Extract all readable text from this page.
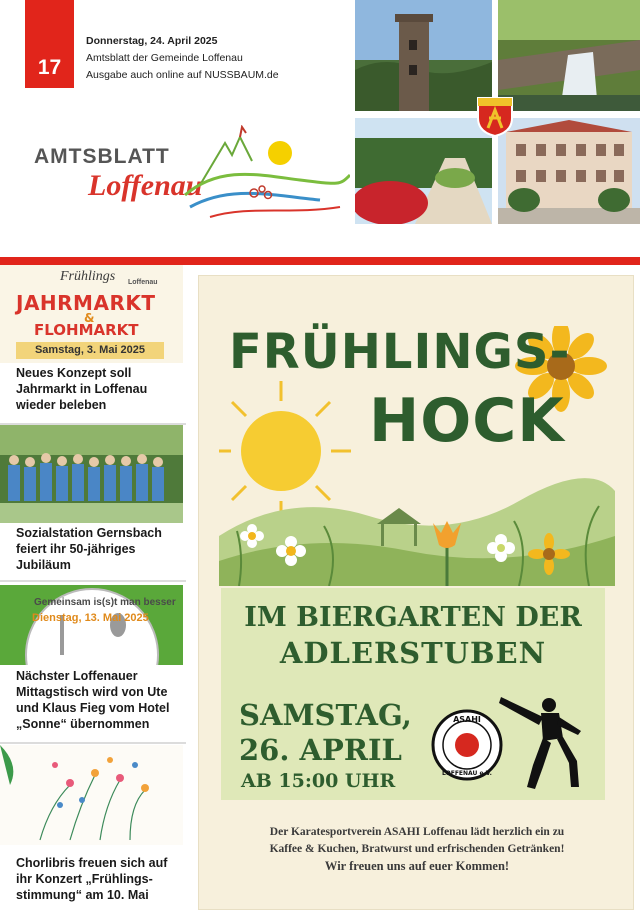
17
Donnerstag, 24. April 2025
Amtsblatt der Gemeinde Loffenau
Ausgabe auch online auf NUSSBAUM.de
AMTSBLATT
Loffenau
Frühlings Loffenau
JAHRMARKT
&
FLOHMARKT
Samstag, 3. Mai 2025
Neues Konzept soll
Jahrmarkt in Loffenau
wieder beleben
Sozialstation Gernsbach
feiert ihr 50-jähriges
Jubiläum
Gemeinsam is(s)t man besser
Dienstag, 13. Mai 2025
Nächster Loffenauer
Mittagstisch wird von Ute
und Klaus Fieg vom Hotel
„Sonne“ übernommen
Chorlibris freuen sich auf
ihr Konzert „Frühlings-
stimmung“ am 10. Mai
FRÜHLINGS-
HOCK
IM BIERGARTEN DER
ADLERSTUBEN
SAMSTAG,
26. APRIL
AB 15:00 UHR
ASAHI
LOFFENAU e.V.
Der Karatesportverein ASAHI Loffenau lädt herzlich ein zu
Kaffee & Kuchen, Bratwurst und erfrischenden Getränken!
Wir freuen uns auf euer Kommen!
